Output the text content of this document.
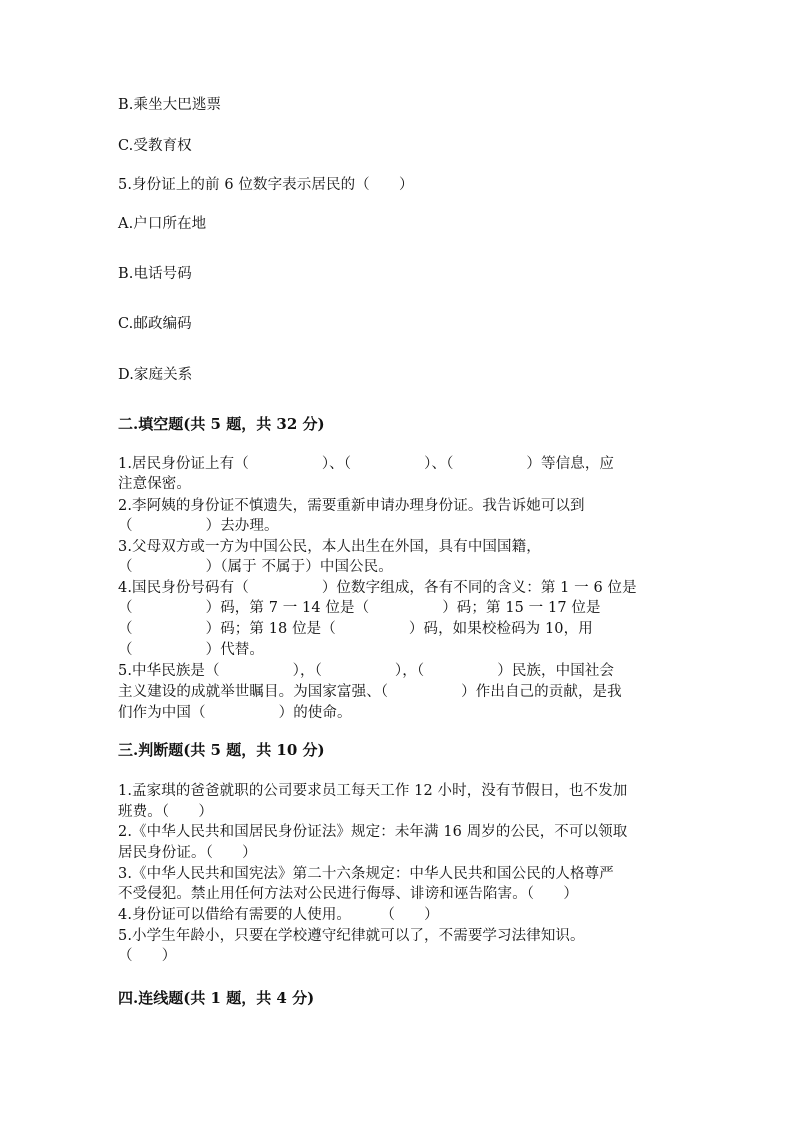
B.乘坐大巴逃票
C.受教育权
5.身份证上的前 6 位数字表示居民的（　　）
A.户口所在地
B.电话号码
C.邮政编码
D.家庭关系
二.填空题(共 5 题，共 32 分)
1.居民身份证上有（　　　　　）、（　　　　　）、（　　　　　）等信息，应
注意保密。
2.李阿姨的身份证不慎遗失，需要重新申请办理身份证。我告诉她可以到
（　　　　　）去办理。
3.父母双方或一方为中国公民，本人出生在外国，具有中国国籍，
（　　　　　）（属于 不属于）中国公民。
4.国民身份号码有（　　　　　）位数字组成，各有不同的含义：第 1 一 6 位是
（　　　　　）码，第 7 一 14 位是（　　　　　）码；第 15 一 17 位是
（　　　　　）码；第 18 位是（　　　　　）码，如果校检码为 10，用
（　　　　　）代替。
5.中华民族是（　　　　　），（　　　　　），（　　　　　）民族，中国社会
主义建设的成就举世瞩目。为国家富强、（　　　　　）作出自己的贡献，是我
们作为中国（　　　　　）的使命。
三.判断题(共 5 题，共 10 分)
1.孟家琪的爸爸就职的公司要求员工每天工作 12 小时，没有节假日，也不发加
班费。（　　）
2.《中华人民共和国居民身份证法》规定：未年满 16 周岁的公民，不可以领取
居民身份证。（　　）
3.《中华人民共和国宪法》第二十六条规定：中华人民共和国公民的人格尊严
不受侵犯。禁止用任何方法对公民进行侮辱、诽谤和诬告陷害。（　　）
4.身份证可以借给有需要的人使用。　　　（　　）
5.小学生年龄小，只要在学校遵守纪律就可以了，不需要学习法律知识。
（　　）
四.连线题(共 1 题，共 4 分)
